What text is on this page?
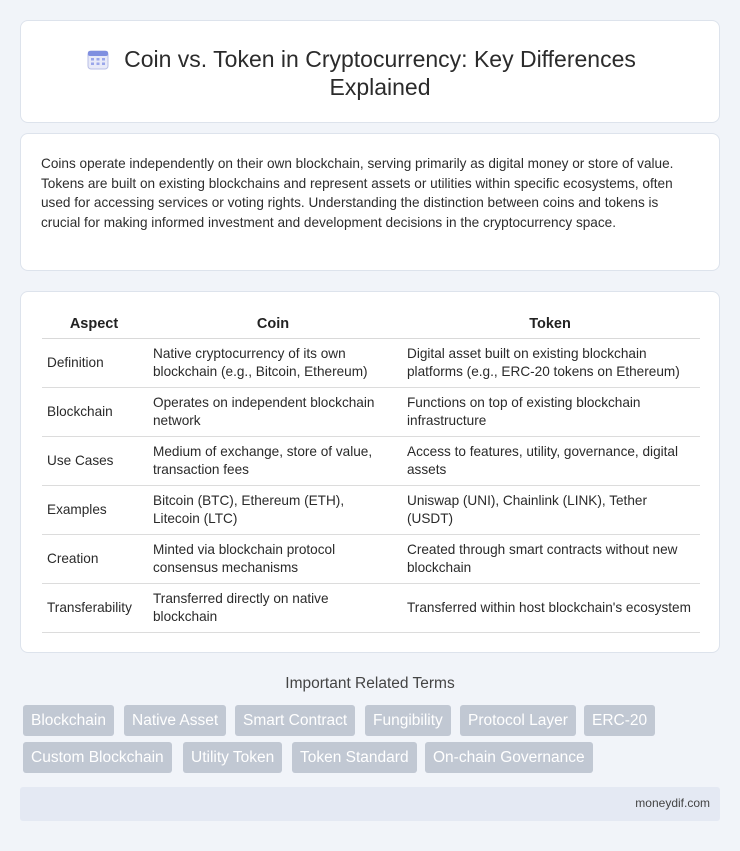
Coin vs. Token in Cryptocurrency: Key Differences Explained

Coins operate independently on their own blockchain, serving primarily as digital money or store of value. Tokens are built on existing blockchains and represent assets or utilities within specific ecosystems, often used for accessing services or voting rights. Understanding the distinction between coins and tokens is crucial for making informed investment and development decisions in the cryptocurrency space.

Aspect	Coin	Token
Definition	Native cryptocurrency of its own blockchain (e.g., Bitcoin, Ethereum)	Digital asset built on existing blockchain platforms (e.g., ERC-20 tokens on Ethereum)
Blockchain	Operates on independent blockchain network	Functions on top of existing blockchain infrastructure
Use Cases	Medium of exchange, store of value, transaction fees	Access to features, utility, governance, digital assets
Examples	Bitcoin (BTC), Ethereum (ETH), Litecoin (LTC)	Uniswap (UNI), Chainlink (LINK), Tether (USDT)
Creation	Minted via blockchain protocol consensus mechanisms	Created through smart contracts without new blockchain
Transferability	Transferred directly on native blockchain	Transferred within host blockchain's ecosystem
Important Related Terms
Blockchain	Native Asset	Smart Contract	Fungibility	Protocol Layer	ERC-20
Custom Blockchain	Utility Token	Token Standard	On-chain Governance
moneydif.com
